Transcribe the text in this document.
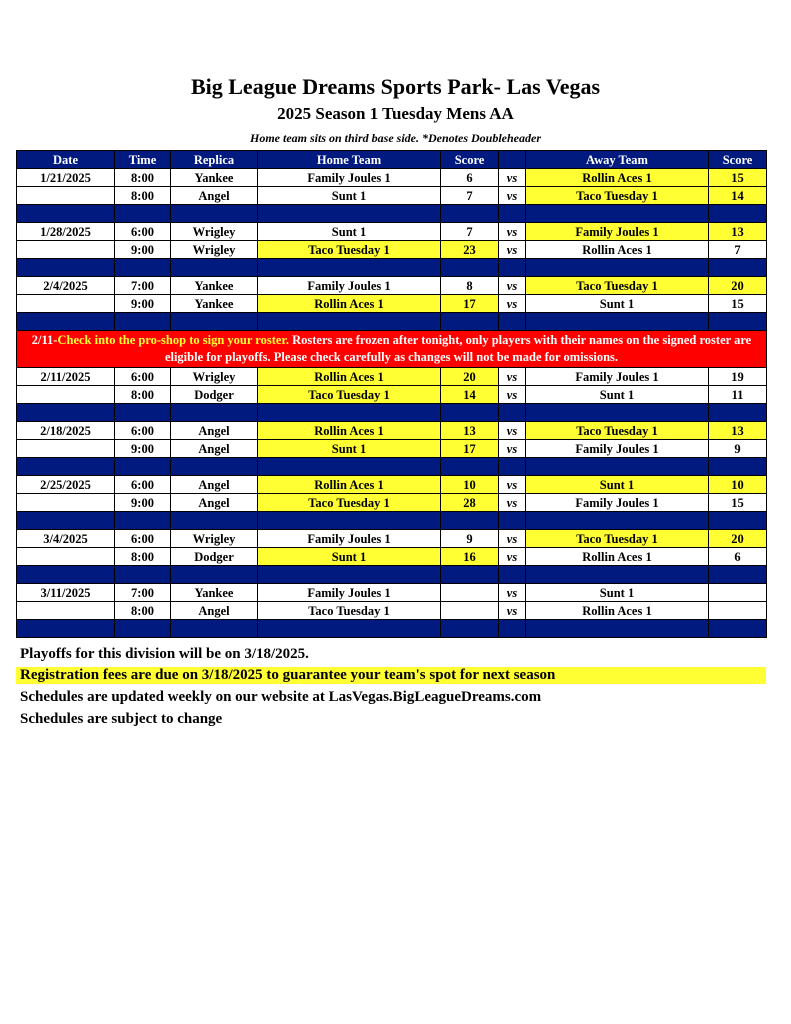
Big League Dreams Sports Park- Las Vegas
2025 Season 1 Tuesday Mens AA
Home team sits on third base side. *Denotes Doubleheader
Date	Time	Replica	Home Team	Score		Away Team	Score
1/21/2025	8:00	Yankee	Family Joules 1	6	vs	Rollin Aces 1	15
	8:00	Angel	Sunt 1	7	vs	Taco Tuesday 1	14

1/28/2025	6:00	Wrigley	Sunt 1	7	vs	Family Joules 1	13
	9:00	Wrigley	Taco Tuesday 1	23	vs	Rollin Aces 1	7

2/4/2025	7:00	Yankee	Family Joules 1	8	vs	Taco Tuesday 1	20
	9:00	Yankee	Rollin Aces 1	17	vs	Sunt 1	15

2/11-Check into the pro-shop to sign your roster. Rosters are frozen after tonight, only players with their names on the signed roster are eligible for playoffs. Please check carefully as changes will not be made for omissions.							
2/11/2025	6:00	Wrigley	Rollin Aces 1	20	vs	Family Joules 1	19
	8:00	Dodger	Taco Tuesday 1	14	vs	Sunt 1	11

2/18/2025	6:00	Angel	Rollin Aces 1	13	vs	Taco Tuesday 1	13
	9:00	Angel	Sunt 1	17	vs	Family Joules 1	9

2/25/2025	6:00	Angel	Rollin Aces 1	10	vs	Sunt 1	10
	9:00	Angel	Taco Tuesday 1	28	vs	Family Joules 1	15

3/4/2025	6:00	Wrigley	Family Joules 1	9	vs	Taco Tuesday 1	20
	8:00	Dodger	Sunt 1	16	vs	Rollin Aces 1	6

3/11/2025	7:00	Yankee	Family Joules 1		vs	Sunt 1	
	8:00	Angel	Taco Tuesday 1		vs	Rollin Aces 1	

Playoffs for this division will be on 3/18/2025.
Registration fees are due on 3/18/2025 to guarantee your team's spot for next season
Schedules are updated weekly on our website at LasVegas.BigLeagueDreams.com
Schedules are subject to change
